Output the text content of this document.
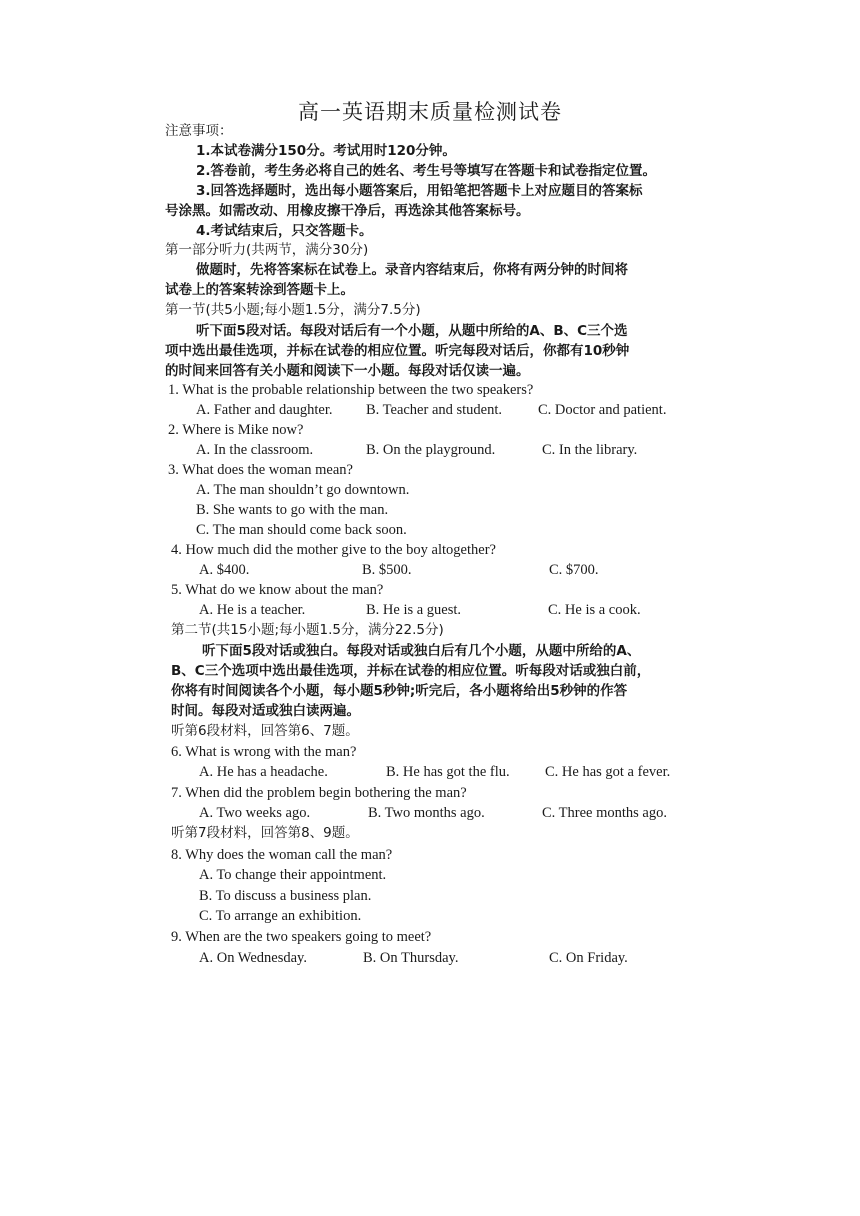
高一英语期末质量检测试卷
注意事项：
1.本试卷满分150分。考试用时120分钟。
2.答卷前，考生务必将自己的姓名、考生号等填写在答题卡和试卷指定位置。
3.回答选择题时，选出每小题答案后，用铅笔把答题卡上对应题目的答案标
号涂黑。如需改动、用橡皮擦干净后，再选涂其他答案标号。
4.考试结束后，只交答题卡。
第一部分听力(共两节，满分30分)
做题时，先将答案标在试卷上。录音内容结束后，你将有两分钟的时间将
试卷上的答案转涂到答题卡上。
第一节(共5小题;每小题1.5分，满分7.5分)
听下面5段对话。每段对话后有一个小题，从题中所给的A、B、C三个选
项中选出最佳选项，并标在试卷的相应位置。听完每段对话后，你都有10秒钟
的时间来回答有关小题和阅读下一小题。每段对话仅读一遍。
1. What is the probable relationship between the two speakers?
A. Father and daughter. B. Teacher and student. C. Doctor and patient.
2. Where is Mike now?
A. In the classroom.	B. On the playground.	C. In the library.
3. What does the woman mean?
A. The man shouldn’t go downtown.
B. She wants to go with the man.
C. The man should come back soon.
4. How much did the mother give to the boy altogether?
A. $400.	B. $500.	C. $700.
5. What do we know about the man?
A. He is a teacher.	B. He is a guest.	C. He is a cook.
第二节(共15小题;每小题1.5分，满分22.5分)
听下面5段对话或独白。每段对话或独白后有几个小题，从题中所给的A、
B、C三个选项中选出最佳选项，并标在试卷的相应位置。听每段对话或独白前，
你将有时间阅读各个小题，每小题5秒钟;听完后，各小题将给出5秒钟的作答
时间。每段对适或独白读两遍。
听第6段材料，回答第6、7题。
6. What is wrong with the man?
A. He has a headache.	B. He has got the flu. C. He has got a fever.
7. When did the problem begin bothering the man?
A. Two weeks ago.	B. Two months ago.	C. Three months ago.
听第7段材料，回答第8、9题。
8. Why does the woman call the man?
A. To change their appointment.
B. To discuss a business plan.
C. To arrange an exhibition.
9. When are the two speakers going to meet?
A. On Wednesday.	B. On Thursday.	C. On Friday.
